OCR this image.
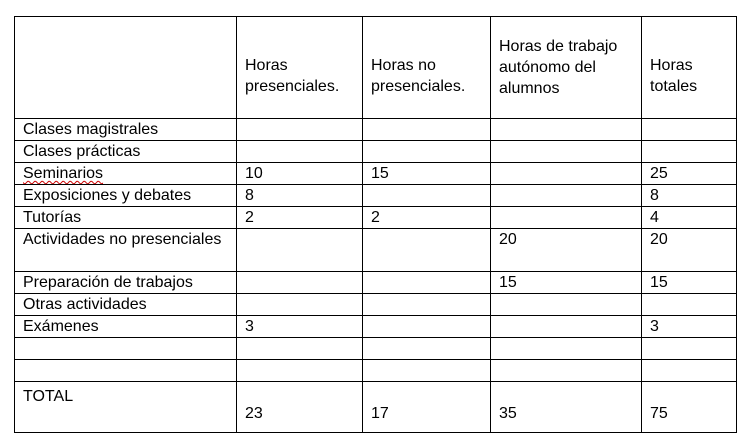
	Horas presenciales.	Horas no presenciales.	Horas de trabajo autónomo del alumnos	Horas totales
Clases magistrales				
Clases prácticas				
Seminarios	10	15		25
Exposiciones y debates	8			8
Tutorías	2	2		4
Actividades no presenciales			20	20
Preparación de trabajos			15	15
Otras actividades				
Exámenes	3			3

TOTAL	23	17	35	75
